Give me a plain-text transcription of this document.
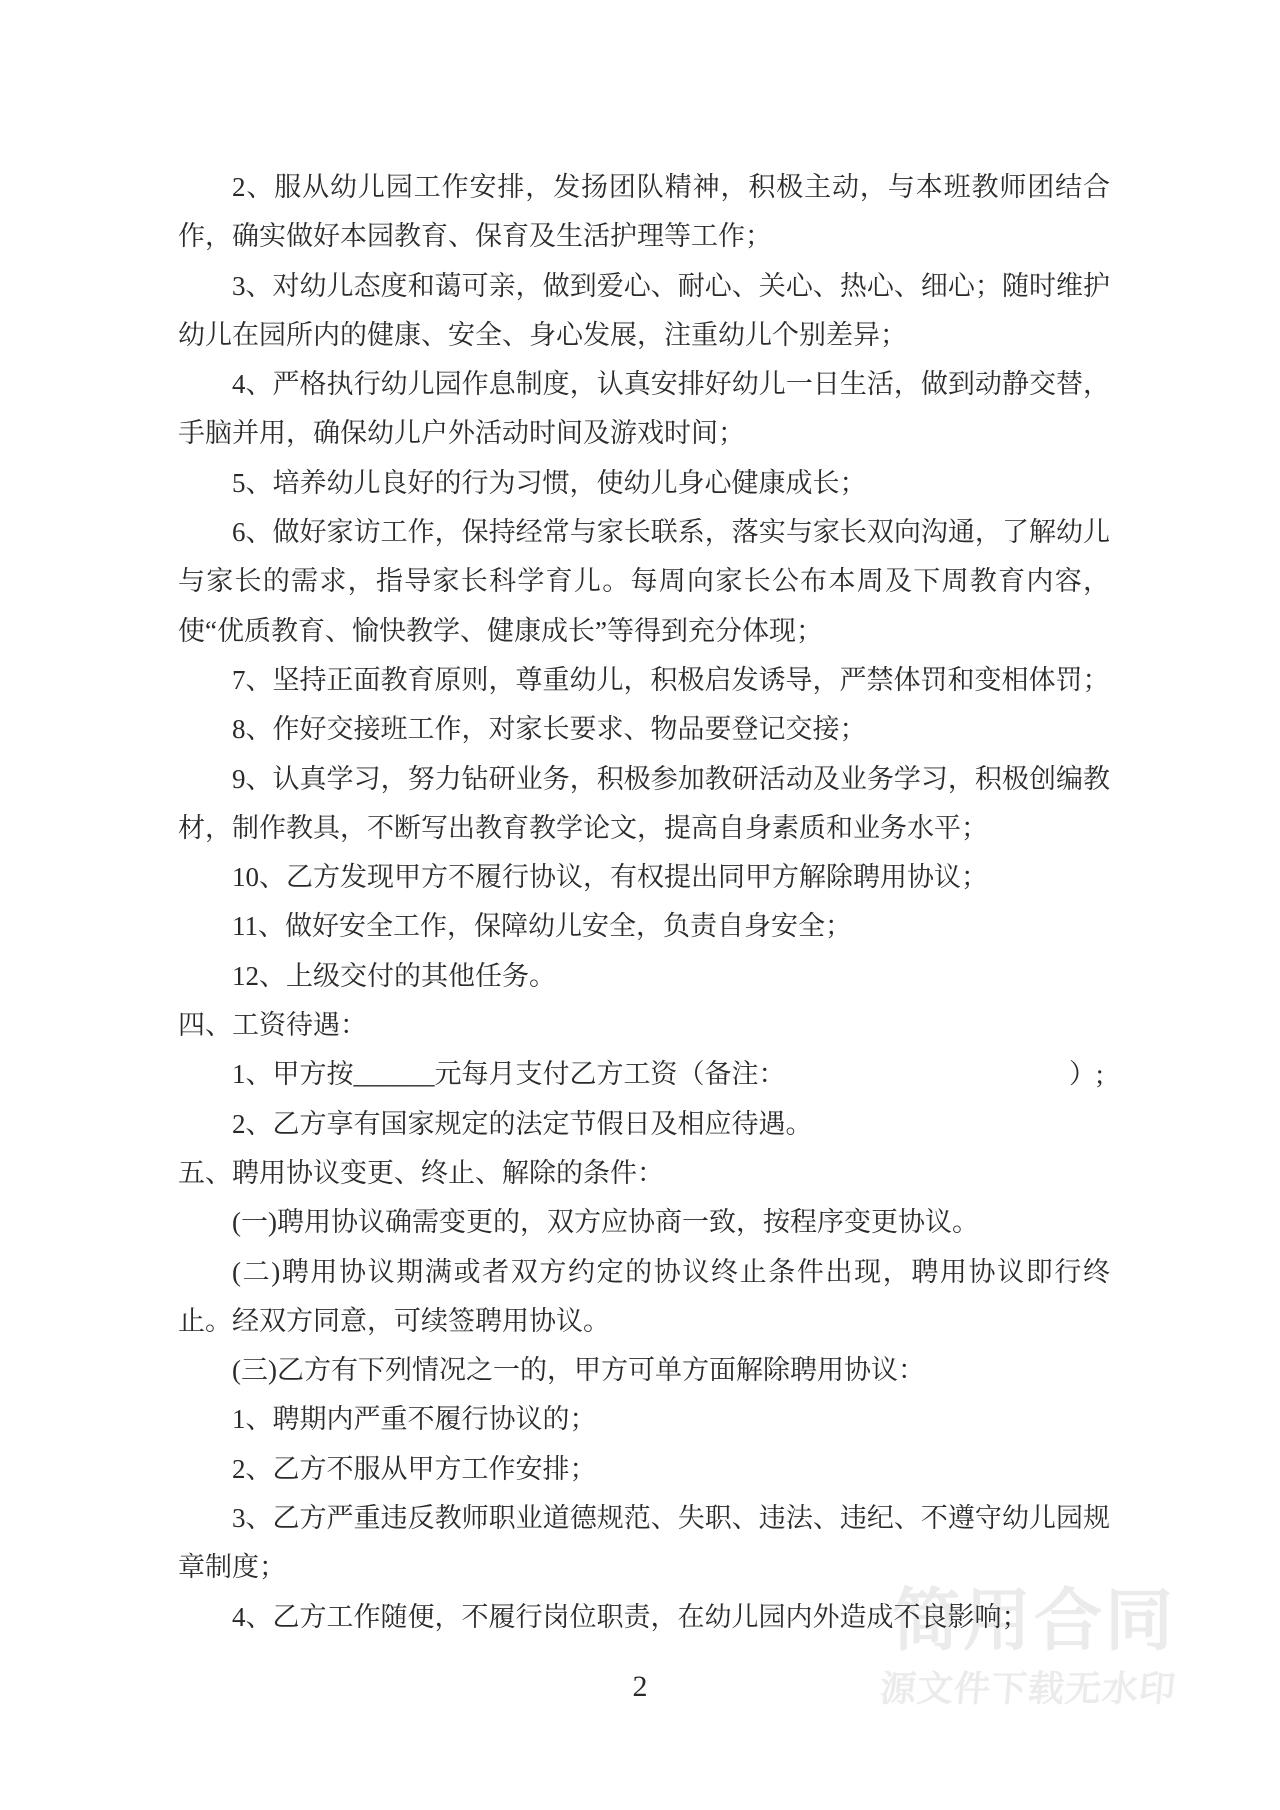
简用合同
源文件下载无水印

2、服从幼儿园工作安排，发扬团队精神，积极主动，与本班教师团结合作，确实做好本园教育、保育及生活护理等工作；

3、对幼儿态度和蔼可亲，做到爱心、耐心、关心、热心、细心；随时维护幼儿在园所内的健康、安全、身心发展，注重幼儿个别差异；

4、严格执行幼儿园作息制度，认真安排好幼儿一日生活，做到动静交替，手脑并用，确保幼儿户外活动时间及游戏时间；

5、培养幼儿良好的行为习惯，使幼儿身心健康成长；

6、做好家访工作，保持经常与家长联系，落实与家长双向沟通，了解幼儿与家长的需求，指导家长科学育儿。每周向家长公布本周及下周教育内容，使“优质教育、愉快教学、健康成长”等得到充分体现；

7、坚持正面教育原则，尊重幼儿，积极启发诱导，严禁体罚和变相体罚；

8、作好交接班工作，对家长要求、物品要登记交接；

9、认真学习，努力钻研业务，积极参加教研活动及业务学习，积极创编教材，制作教具，不断写出教育教学论文，提高自身素质和业务水平；

10、乙方发现甲方不履行协议，有权提出同甲方解除聘用协议；

11、做好安全工作，保障幼儿安全，负责自身安全；

12、上级交付的其他任务。

四、工资待遇：

1、甲方按______元每月支付乙方工资（备注：　　　　　　　　　　　）;

2、乙方享有国家规定的法定节假日及相应待遇。

五、聘用协议变更、终止、解除的条件：

(一)聘用协议确需变更的，双方应协商一致，按程序变更协议。

(二)聘用协议期满或者双方约定的协议终止条件出现，聘用协议即行终止。经双方同意，可续签聘用协议。

(三)乙方有下列情况之一的，甲方可单方面解除聘用协议：

1、聘期内严重不履行协议的；

2、乙方不服从甲方工作安排；

3、乙方严重违反教师职业道德规范、失职、违法、违纪、不遵守幼儿园规章制度；

4、乙方工作随便，不履行岗位职责，在幼儿园内外造成不良影响；

2
